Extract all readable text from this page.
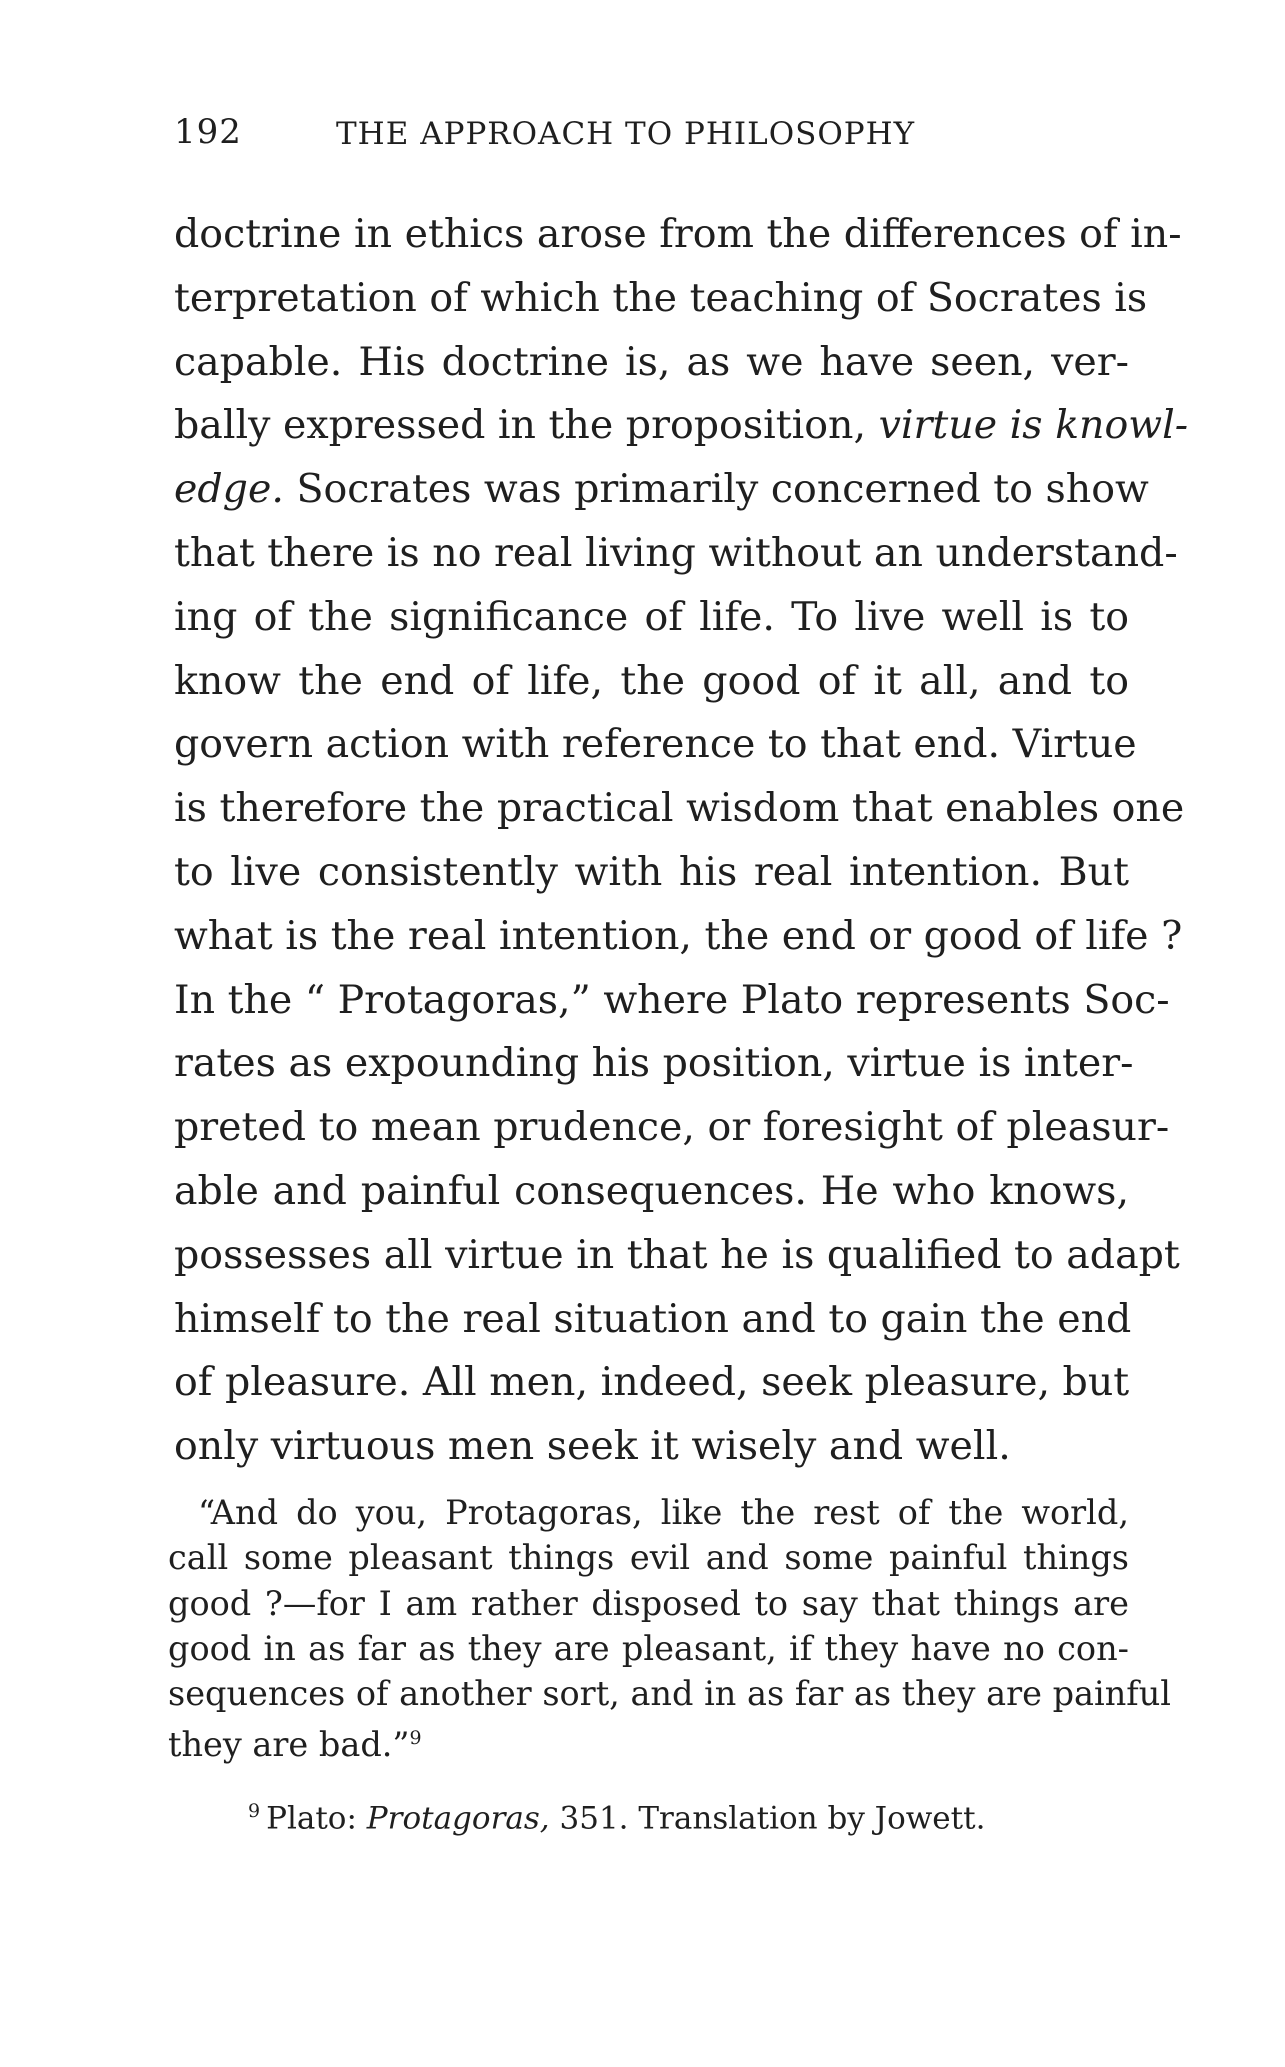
192	THE APPROACH TO PHILOSOPHY
doctrine in ethics arose from the differences of in-
terpretation of which the teaching of Socrates is
capable. His doctrine is, as we have seen, ver-
bally expressed in the proposition, virtue is knowl-
edge. Socrates was primarily concerned to show
that there is no real living without an understand-
ing of the significance of life. To live well is to
know the end of life, the good of it all, and to
govern action with reference to that end. Virtue
is therefore the practical wisdom that enables one
to live consistently with his real intention. But
what is the real intention, the end or good of life ?
In the “ Protagoras,” where Plato represents Soc-
rates as expounding his position, virtue is inter-
preted to mean prudence, or foresight of pleasur-
able and painful consequences. He who knows,
possesses all virtue in that he is qualified to adapt
himself to the real situation and to gain the end
of pleasure. All men, indeed, seek pleasure, but
only virtuous men seek it wisely and well.
“And do you, Protagoras, like the rest of the world,
call some pleasant things evil and some painful things
good ?—for I am rather disposed to say that things are
good in as far as they are pleasant, if they have no con-
sequences of another sort, and in as far as they are painful
they are bad.”$^9$
$^9$ Plato: Protagoras, 351. Translation by Jowett.
